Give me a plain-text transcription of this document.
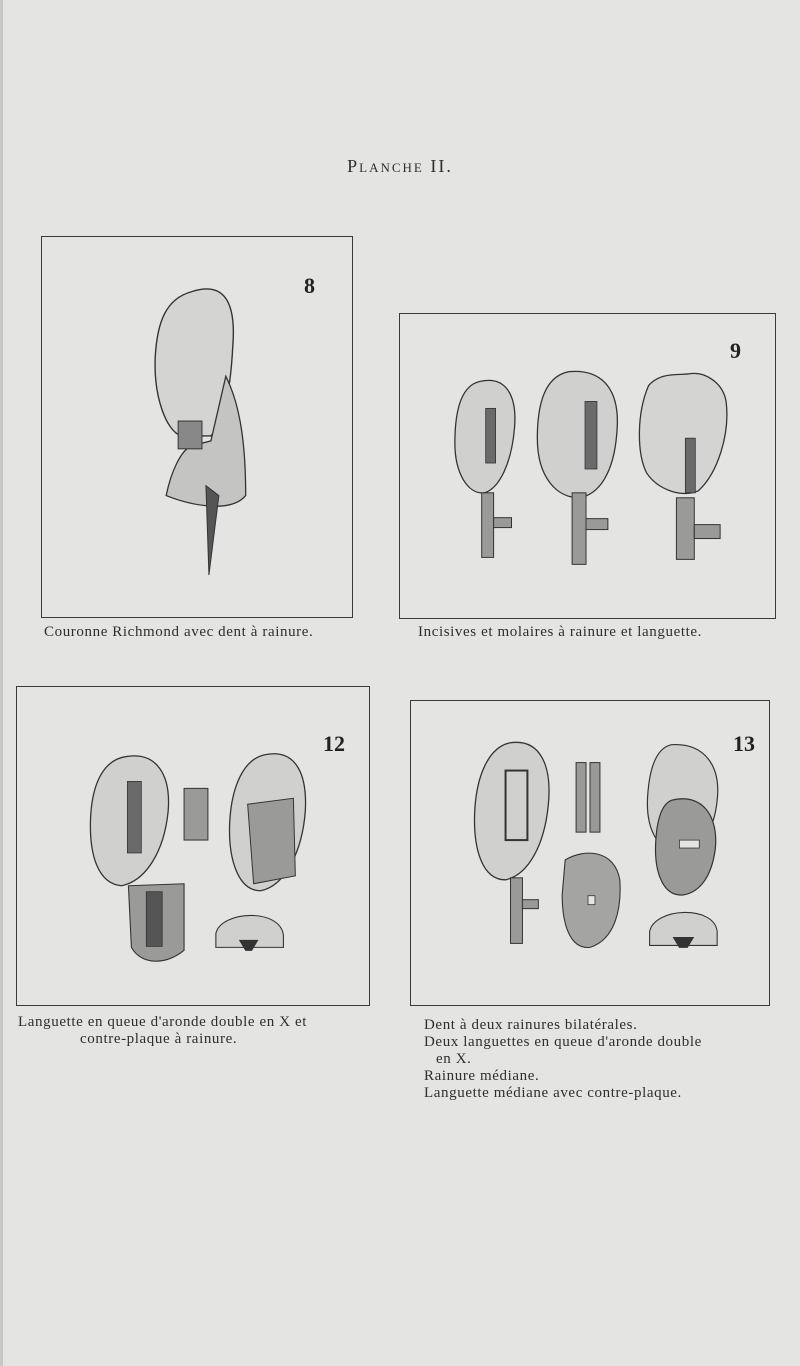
Planche II.
8
Couronne Richmond avec dent à rainure.
9
Incisives et molaires à rainure et languette.
12
Languette en queue d'aronde double en X et
contre-plaque à rainure.
13
Dent à deux rainures bilatérales.
Deux languettes en queue d'aronde double
en X.
Rainure médiane.
Languette médiane avec contre-plaque.
